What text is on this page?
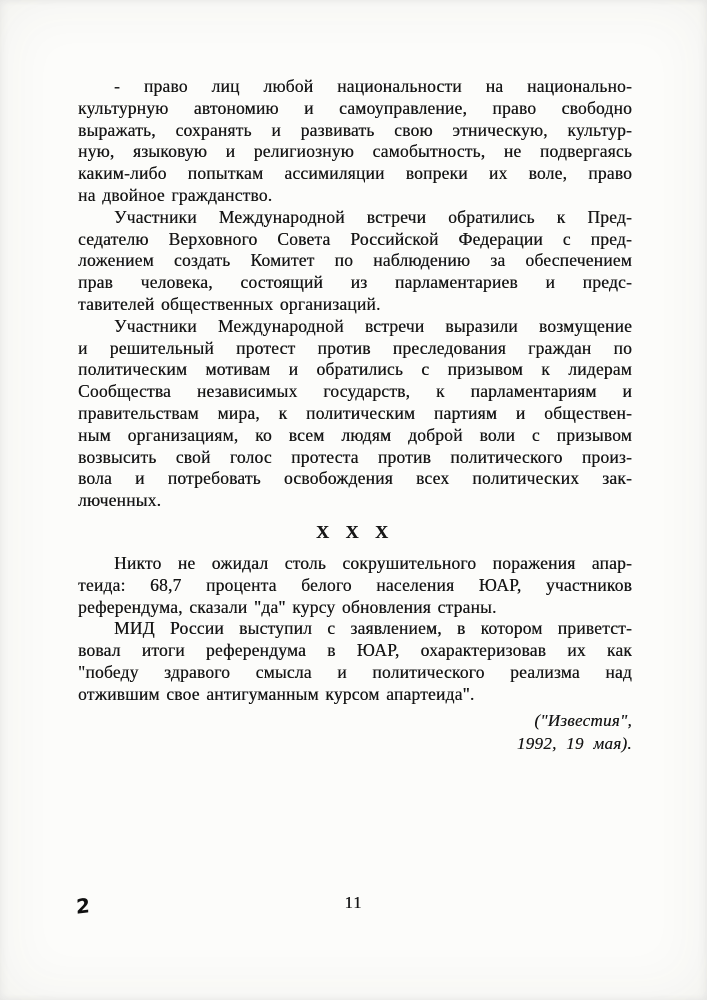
- право лиц любой национальности на национально-
культурную автономию и самоуправление, право свободно
выражать, сохранять и развивать свою этническую, культур-
ную, языковую и религиозную самобытность, не подвергаясь
каким-либо попыткам ассимиляции вопреки их воле, право
на двойное гражданство.
Участники Международной встречи обратились к Пред-
седателю Верховного Совета Российской Федерации с пред-
ложением создать Комитет по наблюдению за обеспечением
прав человека, состоящий из парламентариев и предс-
тавителей общественных организаций.
Участники Международной встречи выразили возмущение
и решительный протест против преследования граждан по
политическим мотивам и обратились с призывом к лидерам
Сообщества независимых государств, к парламентариям и
правительствам мира, к политическим партиям и обществен-
ным организациям, ко всем людям доброй воли с призывом
возвысить свой голос протеста против политического произ-
вола и потребовать освобождения всех политических зак-
люченных.
X X X
Никто не ожидал столь сокрушительного поражения апар-
теида: 68,7 процента белого населения ЮАР, участников
референдума, сказали "да" курсу обновления страны.
МИД России выступил с заявлением, в котором приветст-
вовал итоги референдума в ЮАР, охарактеризовав их как
"победу здравого смысла и политического реализма над
отжившим свое антигуманным курсом апартеида".
("Известия",
1992, 19 мая).
2	11
